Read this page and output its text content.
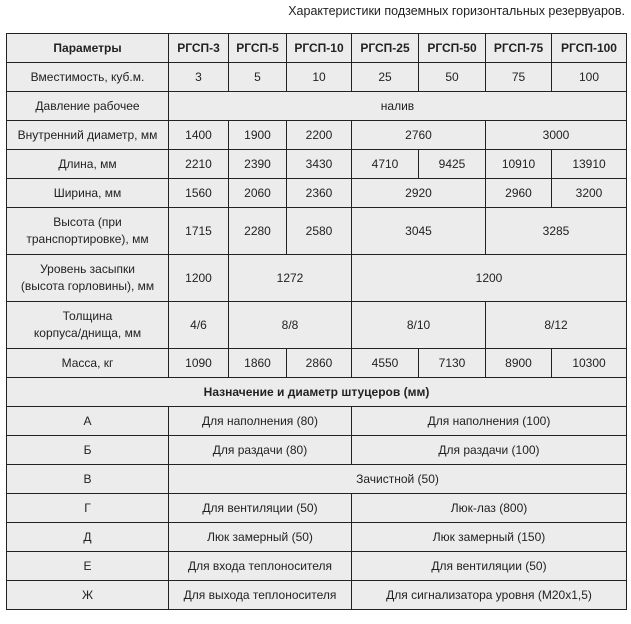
Характеристики подземных горизонтальных резервуаров.
Параметры	РГСП-3	РГСП-5	РГСП-10	РГСП-25	РГСП-50	РГСП-75	РГСП-100
Вместимость, куб.м.	3	5	10	25	50	75	100
Давление рабочее	налив						
Внутренний диаметр, мм	1400	1900	2200	2760		3000	
Длина, мм	2210	2390	3430	4710	9425	10910	13910
Ширина, мм	1560	2060	2360	2920		2960	3200
Высота (при
транспортировке), мм	1715	2280	2580	3045		3285	
Уровень засыпки
(высота горловины), мм	1200	1272		1200			
Толщина
корпуса/днища, мм	4/6	8/8		8/10		8/12	
Масса, кг	1090	1860	2860	4550	7130	8900	10300
Назначение и диаметр штуцеров (мм)							
А	Для наполнения (80)			Для наполнения (100)			
Б	Для раздачи (80)			Для раздачи (100)			
В	Зачистной (50)						
Г	Для вентиляции (50)			Люк-лаз (800)			
Д	Люк замерный (50)			Люк замерный (150)			
Е	Для входа теплоносителя			Для вентиляции (50)			
Ж	Для выхода теплоносителя			Для сигнализатора уровня (М20х1,5)			
